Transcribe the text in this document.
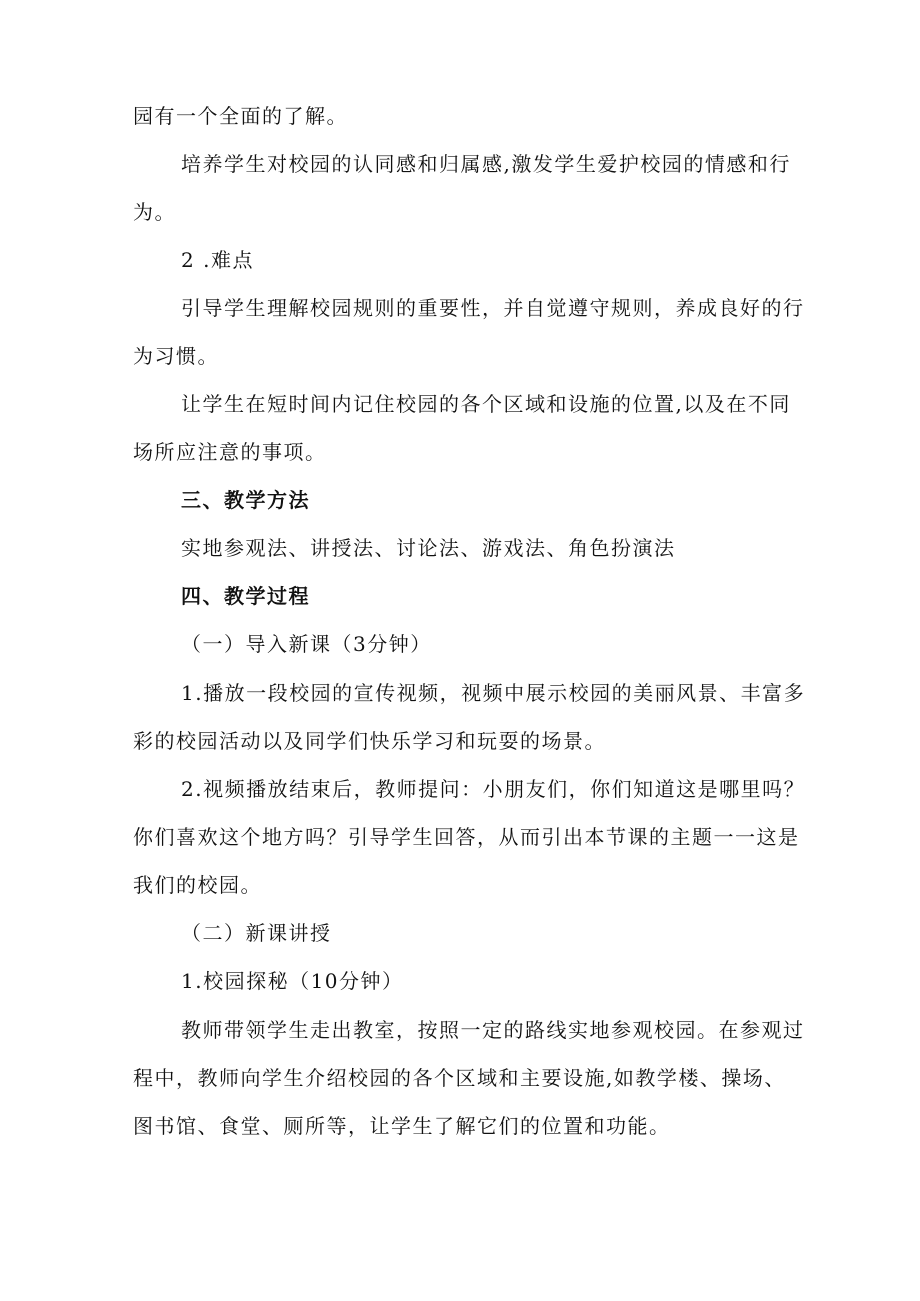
园有一个全面的了解。
培养学生对校园的认同感和归属感,激发学生爱护校园的情感和行
为。
2 .难点
引导学生理解校园规则的重要性，并自觉遵守规则，养成良好的行
为习惯。
让学生在短时间内记住校园的各个区域和设施的位置,以及在不同
场所应注意的事项。
三、教学方法
实地参观法、讲授法、讨论法、游戏法、角色扮演法
四、教学过程
（一）导入新课（3分钟）
1.播放一段校园的宣传视频，视频中展示校园的美丽风景、丰富多
彩的校园活动以及同学们快乐学习和玩耍的场景。
2.视频播放结束后，教师提问：小朋友们，你们知道这是哪里吗？
你们喜欢这个地方吗？引导学生回答，从而引出本节课的主题一一这是
我们的校园。
（二）新课讲授
1.校园探秘（10分钟）
教师带领学生走出教室，按照一定的路线实地参观校园。在参观过
程中，教师向学生介绍校园的各个区域和主要设施,如教学楼、操场、
图书馆、食堂、厕所等，让学生了解它们的位置和功能。
